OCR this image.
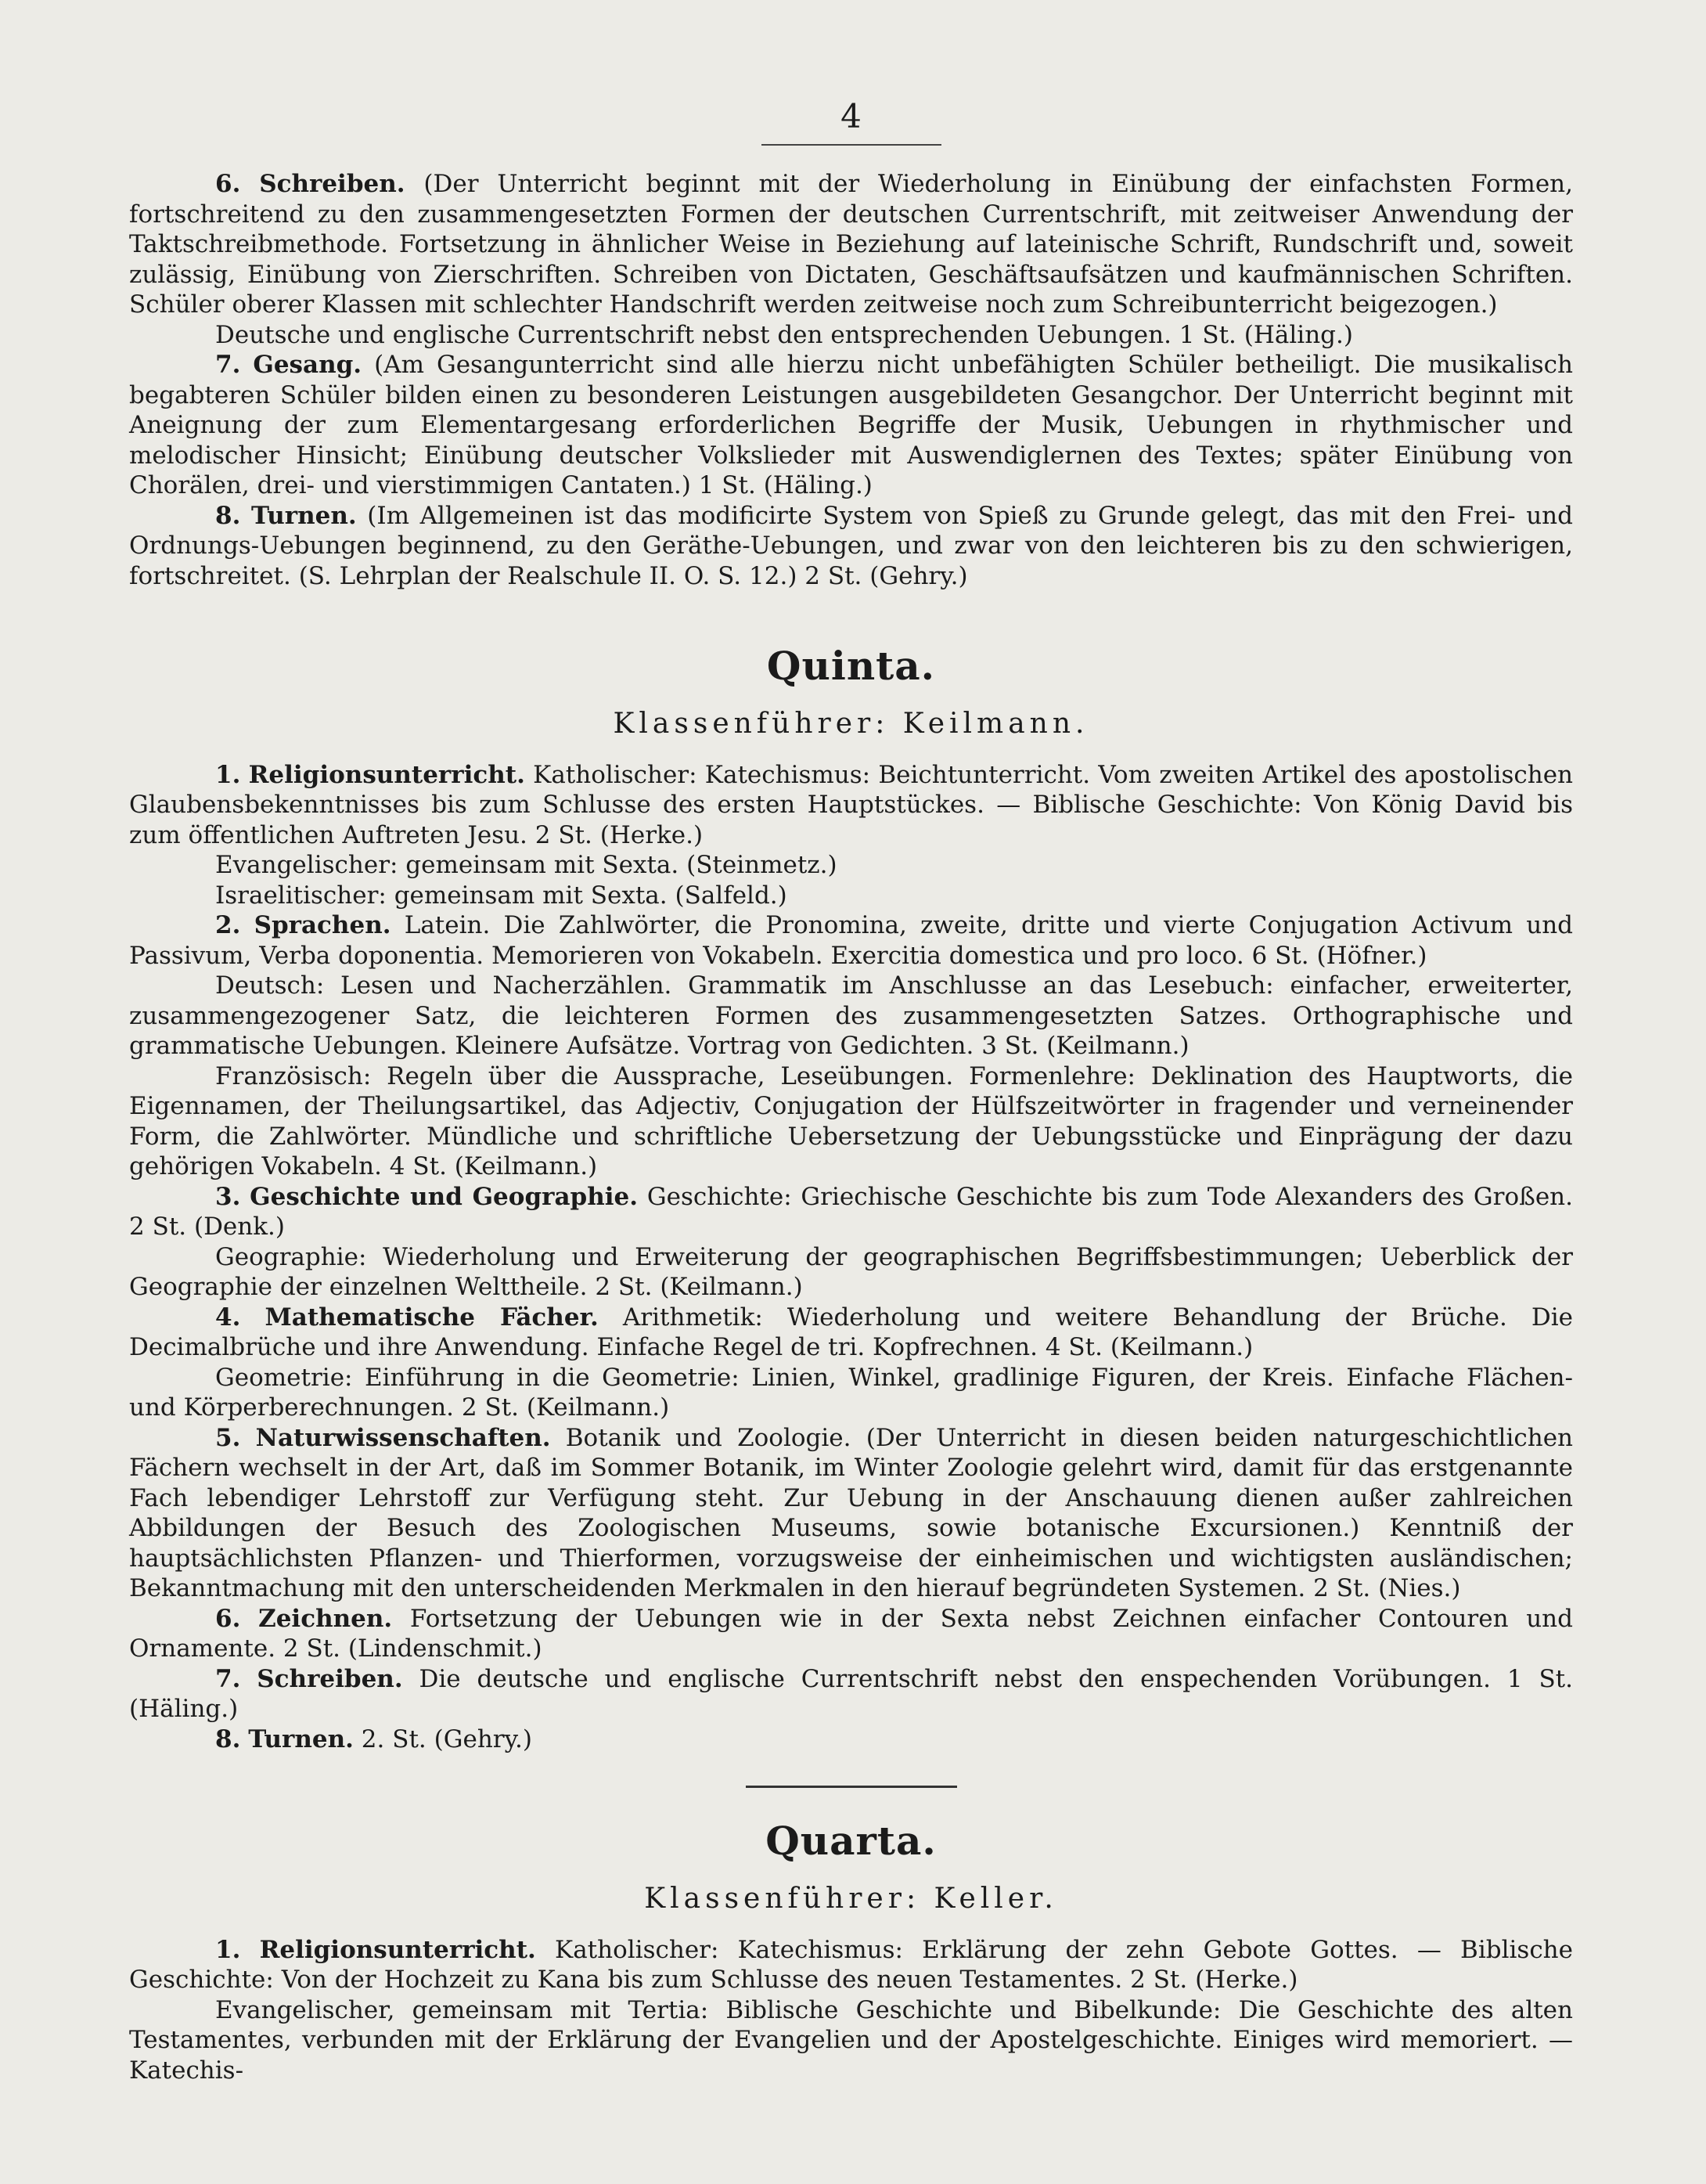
4

6. Schreiben. (Der Unterricht beginnt mit der Wiederholung in Einübung der einfachsten Formen, fortschreitend zu den zusammengesetzten Formen der deutschen Currentschrift, mit zeitweiser Anwendung der Taktschreibmethode. Fortsetzung in ähnlicher Weise in Beziehung auf lateinische Schrift, Rundschrift und, soweit zulässig, Einübung von Zierschriften. Schreiben von Dictaten, Geschäftsaufsätzen und kaufmännischen Schriften. Schüler oberer Klassen mit schlechter Handschrift werden zeitweise noch zum Schreibunterricht beigezogen.)

Deutsche und englische Currentschrift nebst den entsprechenden Uebungen. 1 St. (Häling.)

7. Gesang. (Am Gesangunterricht sind alle hierzu nicht unbefähigten Schüler betheiligt. Die musikalisch begabteren Schüler bilden einen zu besonderen Leistungen ausgebildeten Gesangchor. Der Unterricht beginnt mit Aneignung der zum Elementargesang erforderlichen Begriffe der Musik, Uebungen in rhythmischer und melodischer Hinsicht; Einübung deutscher Volkslieder mit Auswendiglernen des Textes; später Einübung von Chorälen, drei- und vierstimmigen Cantaten.) 1 St. (Häling.)

8. Turnen. (Im Allgemeinen ist das modificirte System von Spieß zu Grunde gelegt, das mit den Frei- und Ordnungs-Uebungen beginnend, zu den Geräthe-Uebungen, und zwar von den leichteren bis zu den schwierigen, fortschreitet. (S. Lehrplan der Realschule II. O. S. 12.) 2 St. (Gehry.)

Quinta.

Klassenführer: Keilmann.

1. Religionsunterricht. Katholischer: Katechismus: Beichtunterricht. Vom zweiten Artikel des apostolischen Glaubensbekenntnisses bis zum Schlusse des ersten Hauptstückes. — Biblische Geschichte: Von König David bis zum öffentlichen Auftreten Jesu. 2 St. (Herke.)

Evangelischer: gemeinsam mit Sexta. (Steinmetz.)

Israelitischer: gemeinsam mit Sexta. (Salfeld.)

2. Sprachen. Latein. Die Zahlwörter, die Pronomina, zweite, dritte und vierte Conjugation Activum und Passivum, Verba doponentia. Memorieren von Vokabeln. Exercitia domestica und pro loco. 6 St. (Höfner.)

Deutsch: Lesen und Nacherzählen. Grammatik im Anschlusse an das Lesebuch: einfacher, erweiterter, zusammengezogener Satz, die leichteren Formen des zusammengesetzten Satzes. Orthographische und grammatische Uebungen. Kleinere Aufsätze. Vortrag von Gedichten. 3 St. (Keilmann.)

Französisch: Regeln über die Aussprache, Leseübungen. Formenlehre: Deklination des Hauptworts, die Eigennamen, der Theilungsartikel, das Adjectiv, Conjugation der Hülfszeitwörter in fragender und verneinender Form, die Zahlwörter. Mündliche und schriftliche Uebersetzung der Uebungsstücke und Einprägung der dazu gehörigen Vokabeln. 4 St. (Keilmann.)

3. Geschichte und Geographie. Geschichte: Griechische Geschichte bis zum Tode Alexanders des Großen. 2 St. (Denk.)

Geographie: Wiederholung und Erweiterung der geographischen Begriffsbestimmungen; Ueberblick der Geographie der einzelnen Welttheile. 2 St. (Keilmann.)

4. Mathematische Fächer. Arithmetik: Wiederholung und weitere Behandlung der Brüche. Die Decimalbrüche und ihre Anwendung. Einfache Regel de tri. Kopfrechnen. 4 St. (Keilmann.)

Geometrie: Einführung in die Geometrie: Linien, Winkel, gradlinige Figuren, der Kreis. Einfache Flächen- und Körperberechnungen. 2 St. (Keilmann.)

5. Naturwissenschaften. Botanik und Zoologie. (Der Unterricht in diesen beiden naturgeschichtlichen Fächern wechselt in der Art, daß im Sommer Botanik, im Winter Zoologie gelehrt wird, damit für das erstgenannte Fach lebendiger Lehrstoff zur Verfügung steht. Zur Uebung in der Anschauung dienen außer zahlreichen Abbildungen der Besuch des Zoologischen Museums, sowie botanische Excursionen.) Kenntniß der hauptsächlichsten Pflanzen- und Thierformen, vorzugsweise der einheimischen und wichtigsten ausländischen; Bekanntmachung mit den unterscheidenden Merkmalen in den hierauf begründeten Systemen. 2 St. (Nies.)

6. Zeichnen. Fortsetzung der Uebungen wie in der Sexta nebst Zeichnen einfacher Contouren und Ornamente. 2 St. (Lindenschmit.)

7. Schreiben. Die deutsche und englische Currentschrift nebst den enspechenden Vorübungen. 1 St. (Häling.)

8. Turnen. 2. St. (Gehry.)

Quarta.

Klassenführer: Keller.

1. Religionsunterricht. Katholischer: Katechismus: Erklärung der zehn Gebote Gottes. — Biblische Geschichte: Von der Hochzeit zu Kana bis zum Schlusse des neuen Testamentes. 2 St. (Herke.)

Evangelischer, gemeinsam mit Tertia: Biblische Geschichte und Bibelkunde: Die Geschichte des alten Testamentes, verbunden mit der Erklärung der Evangelien und der Apostelgeschichte. Einiges wird memoriert. — Katechis-
